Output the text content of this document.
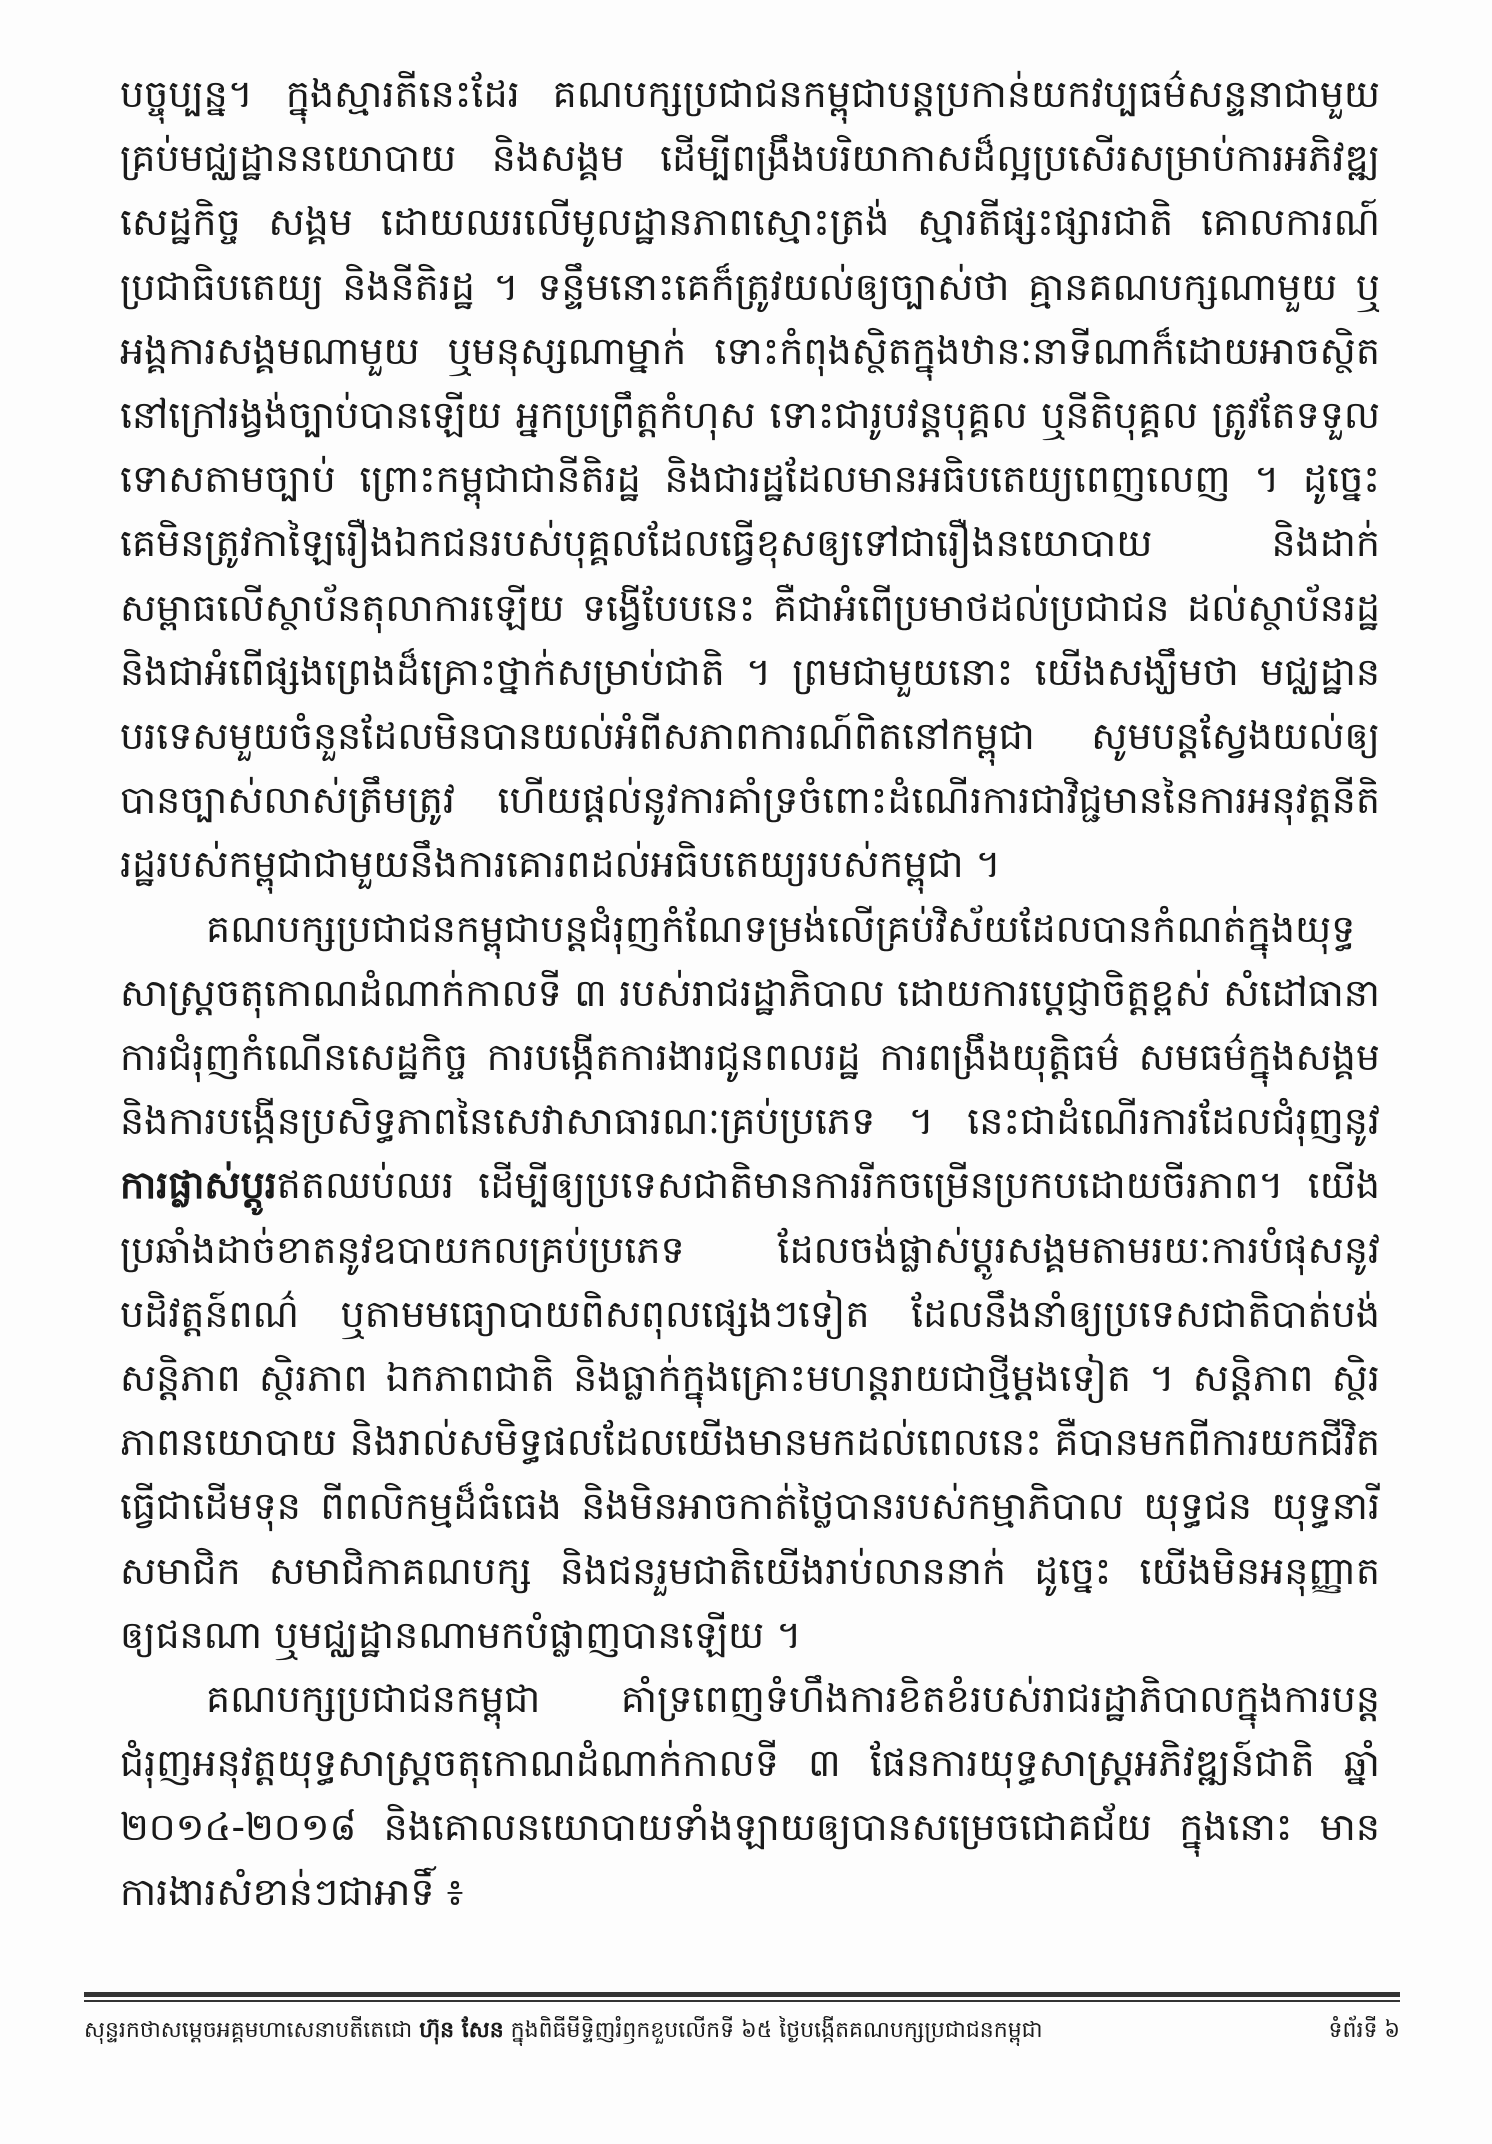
បច្ចុប្បន្ន។ ក្នុងស្មារតីនេះដែរ គណបក្សប្រជាជនកម្ពុជាបន្តប្រកាន់យកវប្បធម៌សន្ទនាជាមួយគ្រប់មជ្ឈដ្ឋាននយោបាយ និងសង្គម ដើម្បីពង្រឹងបរិយាកាសដ៏ល្អប្រសើរសម្រាប់ការអភិវឌ្ឍសេដ្ឋកិច្ច សង្គម ដោយឈរលើមូលដ្ឋានភាពស្មោះត្រង់ ស្មារតីផ្សះផ្សារជាតិ គោលការណ៍ប្រជាធិបតេយ្យ និងនីតិរដ្ឋ ។ ទន្ទឹមនោះគេក៏ត្រូវយល់ឲ្យច្បាស់ថា គ្មានគណបក្សណាមួយ ឬអង្គការសង្គមណាមួយ ឬមនុស្សណាម្នាក់ ទោះកំពុងស្ថិតក្នុងឋានៈនាទីណាក៏ដោយអាចស្ថិតនៅក្រៅរង្វង់ច្បាប់បានឡើយ អ្នកប្រព្រឹត្តកំហុស ទោះជារូបវន្តបុគ្គល ឬនីតិបុគ្គល ត្រូវតែទទួលទោសតាមច្បាប់ ព្រោះកម្ពុជាជានីតិរដ្ឋ និងជារដ្ឋដែលមានអធិបតេយ្យពេញលេញ ។ ដូច្នេះ គេមិនត្រូវកាឡៃរឿងឯកជនរបស់បុគ្គលដែលធ្វើខុសឲ្យទៅជារឿងនយោបាយ និងដាក់សម្ពាធលើស្ថាប័នតុលាការឡើយ ទង្វើបែបនេះ គឺជាអំពើប្រមាថដល់ប្រជាជន ដល់ស្ថាប័នរដ្ឋ និងជាអំពើផ្សងព្រេងដ៏គ្រោះថ្នាក់សម្រាប់ជាតិ ។ ព្រមជាមួយនោះ យើងសង្ឃឹមថា មជ្ឈដ្ឋានបរទេសមួយចំនួនដែលមិនបានយល់អំពីសភាពការណ៍ពិតនៅកម្ពុជា សូមបន្តស្វែងយល់ឲ្យបានច្បាស់លាស់ត្រឹមត្រូវ ហើយផ្តល់នូវការគាំទ្រចំពោះដំណើរការជាវិជ្ជមាននៃការអនុវត្តនីតិរដ្ឋរបស់កម្ពុជាជាមួយនឹងការគោរពដល់អធិបតេយ្យរបស់កម្ពុជា ។

គណបក្សប្រជាជនកម្ពុជាបន្តជំរុញកំណែទម្រង់លើគ្រប់វិស័យដែលបានកំណត់ក្នុងយុទ្ធសាស្ត្រចតុកោណដំណាក់កាលទី ៣ របស់រាជរដ្ឋាភិបាល ដោយការប្តេជ្ញាចិត្តខ្ពស់ សំដៅធានាការជំរុញកំណើនសេដ្ឋកិច្ច ការបង្កើតការងារជូនពលរដ្ឋ ការពង្រឹងយុត្តិធម៌ សមធម៌ក្នុងសង្គម និងការបង្កើនប្រសិទ្ធភាពនៃសេវាសាធារណៈគ្រប់ប្រភេទ ។ នេះជាដំណើរការដែលជំរុញនូវការផ្លាស់ប្តូរឥតឈប់ឈរ ដើម្បីឲ្យប្រទេសជាតិមានការរីកចម្រើនប្រកបដោយចីរភាព។ យើងប្រឆាំងដាច់ខាតនូវឧបាយកលគ្រប់ប្រភេទ ដែលចង់ផ្លាស់ប្តូរសង្គមតាមរយៈការបំផុសនូវបដិវត្តន៍ពណ៌ ឬតាមមធ្យោបាយពិសពុលផ្សេងៗទៀត ដែលនឹងនាំឲ្យប្រទេសជាតិបាត់បង់សន្តិភាព ស្ថិរភាព ឯកភាពជាតិ និងធ្លាក់ក្នុងគ្រោះមហន្តរាយជាថ្មីម្តងទៀត ។ សន្តិភាព ស្ថិរភាពនយោបាយ និងរាល់សមិទ្ធផលដែលយើងមានមកដល់ពេលនេះ គឺបានមកពីការយកជីវិតធ្វើជាដើមទុន ពីពលិកម្មដ៏ធំធេង និងមិនអាចកាត់ថ្លៃបានរបស់កម្មាភិបាល យុទ្ធជន យុទ្ធនារី សមាជិក សមាជិកាគណបក្ស និងជនរួមជាតិយើងរាប់លាននាក់ ដូច្នេះ យើងមិនអនុញ្ញាតឲ្យជនណា ឬមជ្ឈដ្ឋានណាមកបំផ្លាញបានឡើយ ។

គណបក្សប្រជាជនកម្ពុជា គាំទ្រពេញទំហឹងការខិតខំរបស់រាជរដ្ឋាភិបាលក្នុងការបន្តជំរុញអនុវត្តយុទ្ធសាស្ត្រចតុកោណដំណាក់កាលទី ៣ ផែនការយុទ្ធសាស្ត្រអភិវឌ្ឍន៍ជាតិ ឆ្នាំ ២០១៤-២០១៨ និងគោលនយោបាយទាំងឡាយឲ្យបានសម្រេចជោគជ័យ ក្នុងនោះ មានការងារសំខាន់ៗជាអាទិ៍ ៖

សុន្ទរកថាសម្តេចអគ្គមហាសេនាបតីតេជោ ហ៊ុន សែន ក្នុងពិធីមីទ្ទិញរំឭកខួបលើកទី ៦៥ ថ្ងៃបង្កើតគណបក្សប្រជាជនកម្ពុជា	ទំព័រទី ៦
